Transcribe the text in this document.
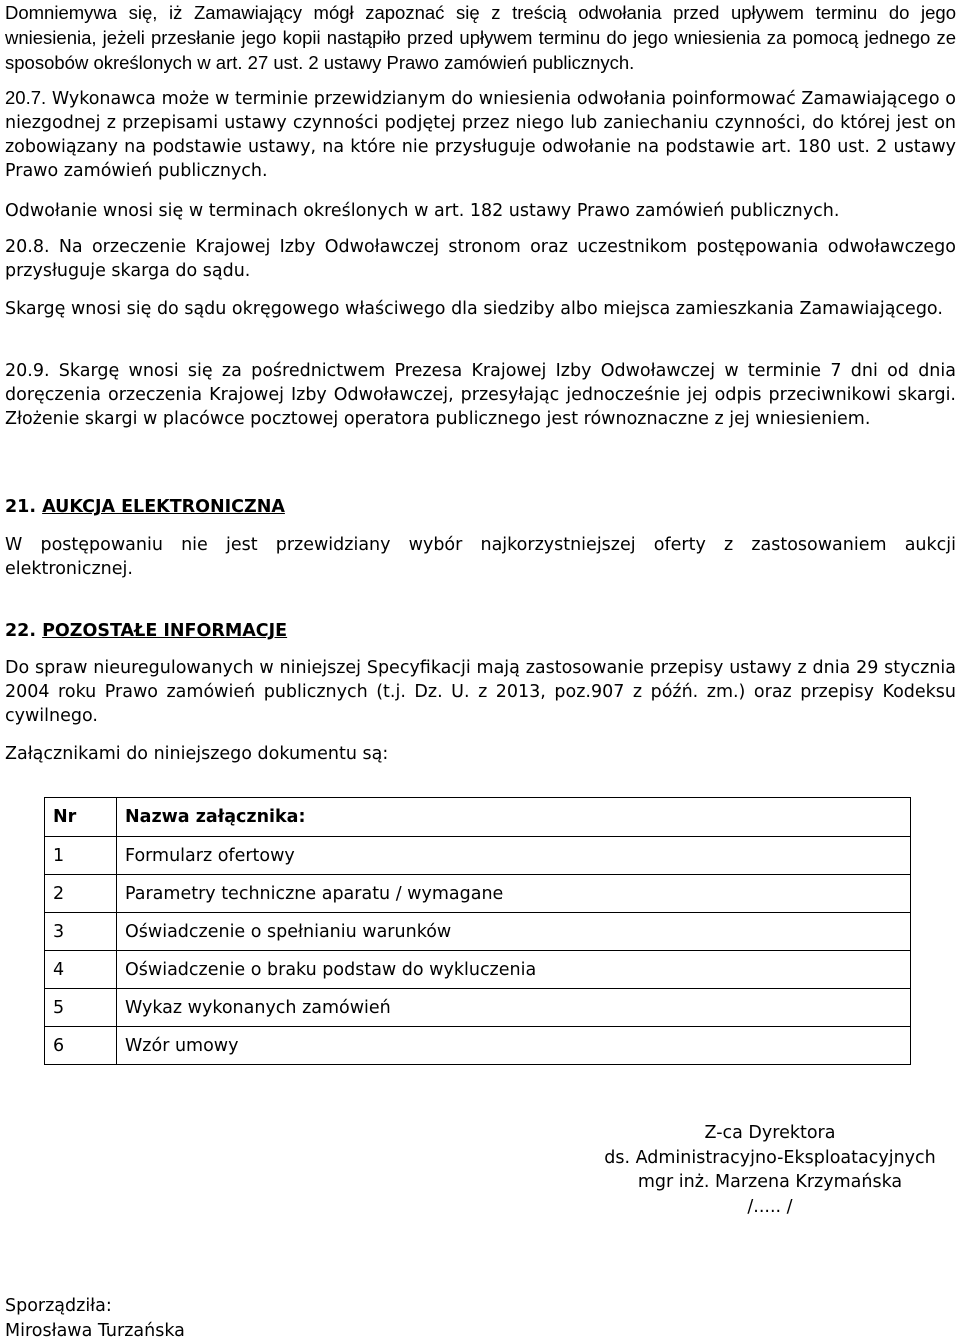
Domniemywa się, iż Zamawiający mógł zapoznać się z treścią odwołania przed upływem terminu do jego wniesienia, jeżeli przesłanie jego kopii nastąpiło przed upływem terminu do jego wniesienia za pomocą jednego ze sposobów określonych w art. 27 ust. 2 ustawy Prawo zamówień publicznych.

20.7. Wykonawca może w terminie przewidzianym do wniesienia odwołania poinformować Zamawiającego o niezgodnej z przepisami ustawy czynności podjętej przez niego lub zaniechaniu czynności, do której jest on zobowiązany na podstawie ustawy, na które nie przysługuje odwołanie na podstawie art. 180 ust. 2 ustawy Prawo zamówień publicznych.

Odwołanie wnosi się w terminach określonych w art. 182 ustawy Prawo zamówień publicznych.

20.8. Na orzeczenie Krajowej Izby Odwoławczej stronom oraz uczestnikom postępowania odwoławczego przysługuje skarga do sądu.

Skargę wnosi się do sądu okręgowego właściwego dla siedziby albo miejsca zamieszkania Zamawiającego.

20.9. Skargę wnosi się za pośrednictwem Prezesa Krajowej Izby Odwoławczej w terminie 7 dni od dnia doręczenia orzeczenia Krajowej Izby Odwoławczej, przesyłając jednocześnie jej odpis przeciwnikowi skargi. Złożenie skargi w placówce pocztowej operatora publicznego jest równoznaczne z jej wniesieniem.

21. AUKCJA ELEKTRONICZNA

W postępowaniu nie jest przewidziany wybór najkorzystniejszej oferty z zastosowaniem aukcji elektronicznej.

22. POZOSTAŁE INFORMACJE

Do spraw nieuregulowanych w niniejszej Specyfikacji mają zastosowanie przepisy ustawy z dnia 29 stycznia 2004 roku Prawo zamówień publicznych (t.j. Dz. U. z 2013, poz.907 z późń. zm.) oraz przepisy Kodeksu cywilnego.

Załącznikami do niniejszego dokumentu są:

Nr	Nazwa załącznika:
1	Formularz ofertowy
2	Parametry techniczne aparatu / wymagane
3	Oświadczenie o spełnianiu warunków
4	Oświadczenie o braku podstaw do wykluczenia
5	Wykaz wykonanych zamówień
6	Wzór umowy
Z-ca Dyrektora
ds. Administracyjno-Eksploatacyjnych
mgr inż. Marzena Krzymańska
/..... /
Sporządziła:
Mirosława Turzańska
